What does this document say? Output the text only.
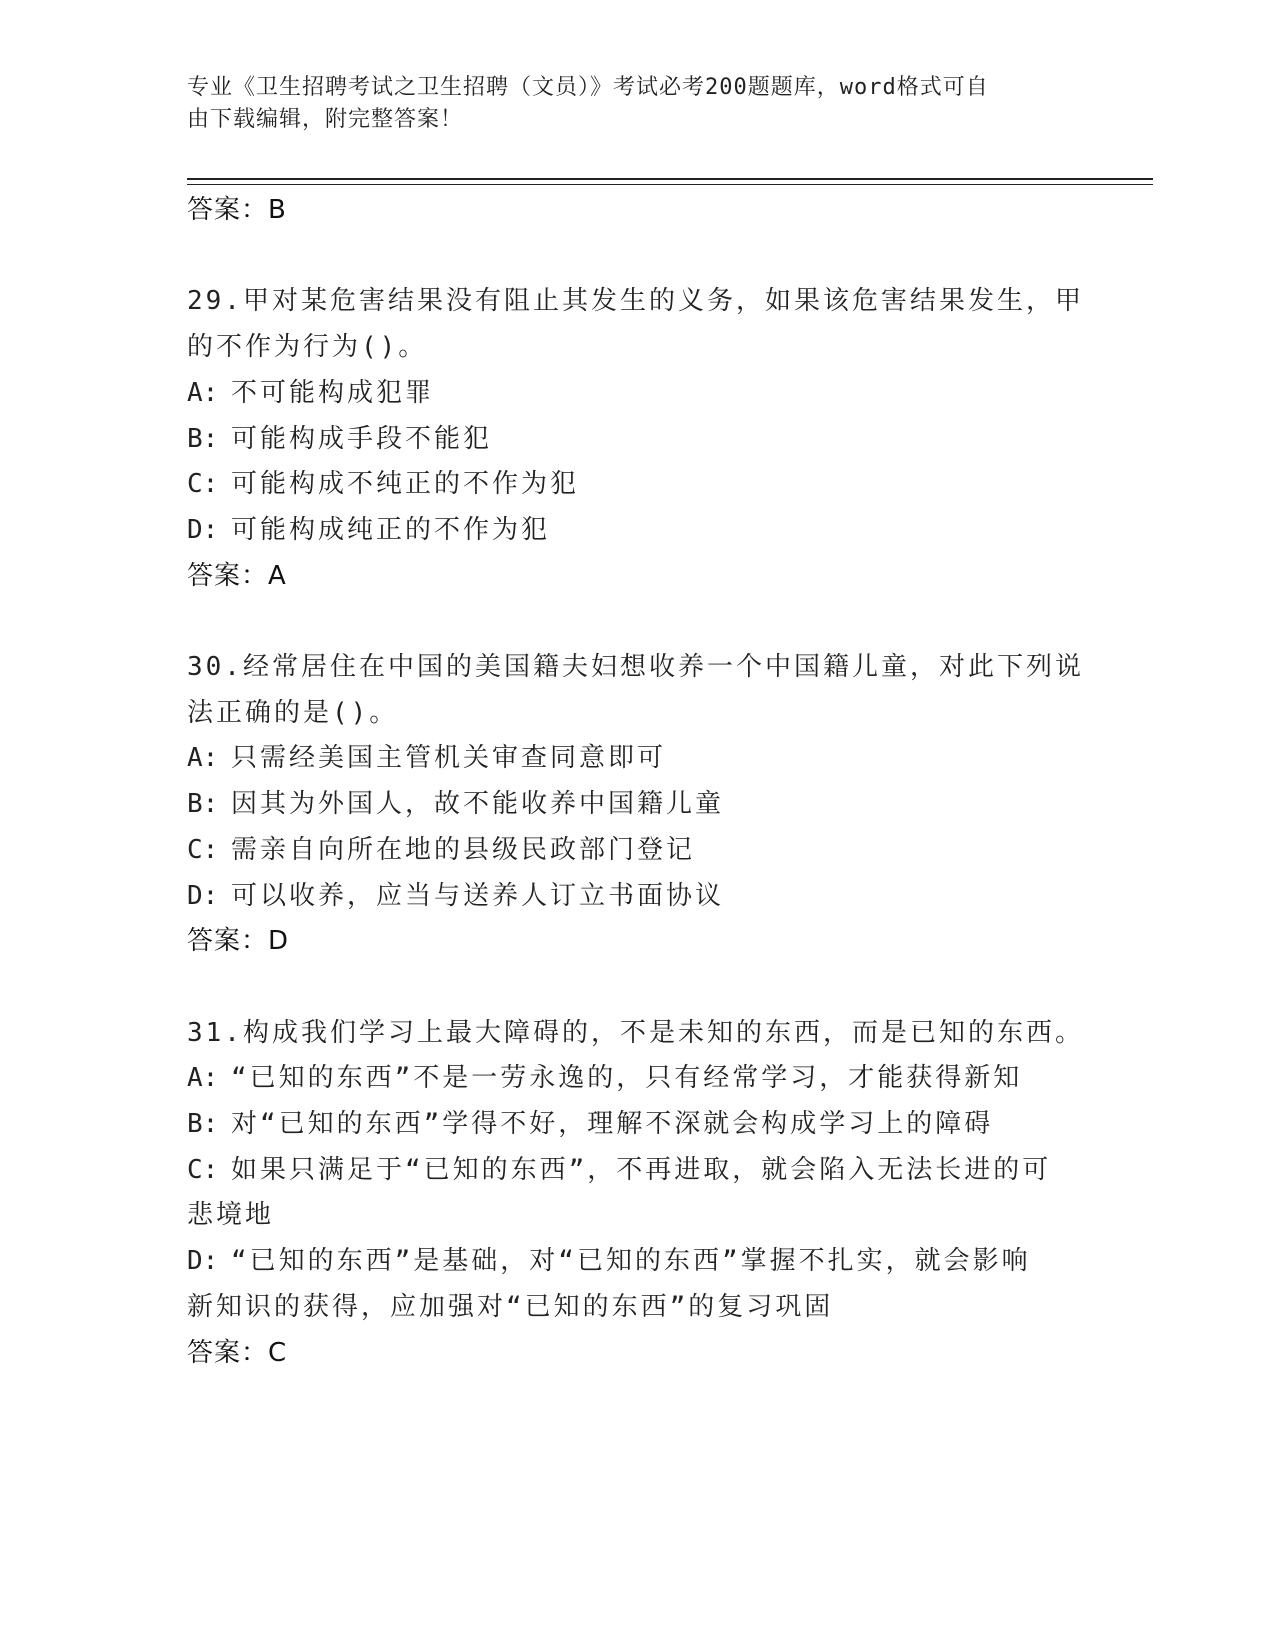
专业《卫生招聘考试之卫生招聘（文员）》考试必考200题题库，word格式可自
由下载编辑，附完整答案！
答案： B
29.甲对某危害结果没有阻止其发生的义务，如果该危害结果发生，甲
的不作为行为()。
A: 不可能构成犯罪
B: 可能构成手段不能犯
C: 可能构成不纯正的不作为犯
D: 可能构成纯正的不作为犯
答案： A
30.经常居住在中国的美国籍夫妇想收养一个中国籍儿童，对此下列说
法正确的是()。
A: 只需经美国主管机关审查同意即可
B: 因其为外国人，故不能收养中国籍儿童
C: 需亲自向所在地的县级民政部门登记
D: 可以收养，应当与送养人订立书面协议
答案： D
31.构成我们学习上最大障碍的，不是未知的东西，而是已知的东西。
A: “已知的东西”不是一劳永逸的，只有经常学习，才能获得新知
B: 对“已知的东西”学得不好，理解不深就会构成学习上的障碍
C: 如果只满足于“已知的东西”，不再进取，就会陷入无法长进的可
悲境地
D: “已知的东西”是基础，对“已知的东西”掌握不扎实，就会影响
新知识的获得，应加强对“已知的东西”的复习巩固
答案： C
